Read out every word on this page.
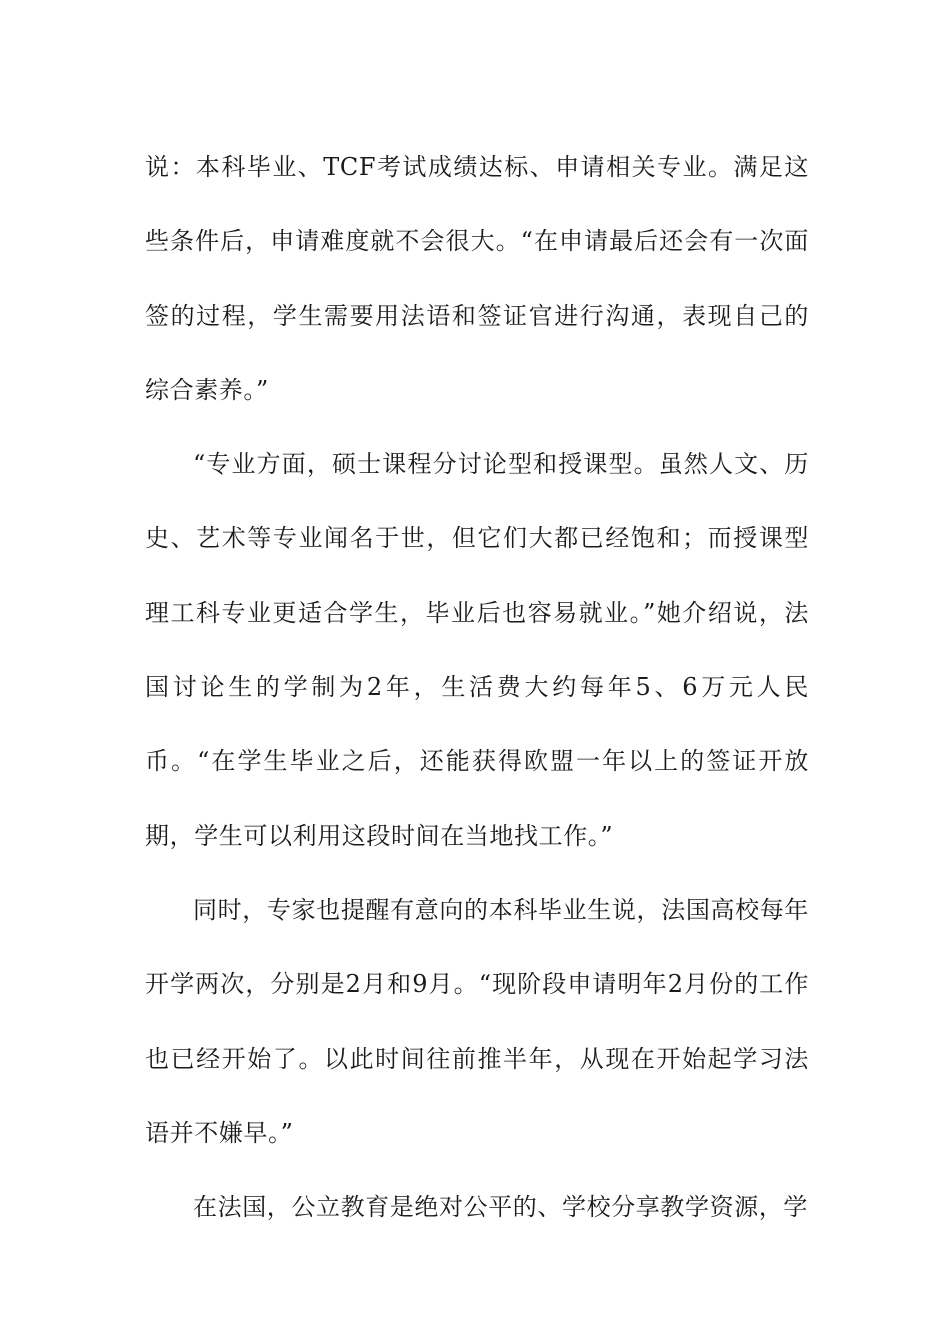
说：本科毕业、TCF考试成绩达标、申请相关专业。满足这些条件后，申请难度就不会很大。“在申请最后还会有一次面签的过程，学生需要用法语和签证官进行沟通，表现自己的综合素养。”

“专业方面，硕士课程分讨论型和授课型。虽然人文、历史、艺术等专业闻名于世，但它们大都已经饱和；而授课型理工科专业更适合学生，毕业后也容易就业。”她介绍说，法国讨论生的学制为2年，生活费大约每年5、6万元人民币。“在学生毕业之后，还能获得欧盟一年以上的签证开放期，学生可以利用这段时间在当地找工作。”

同时，专家也提醒有意向的本科毕业生说，法国高校每年开学两次，分别是2月和9月。“现阶段申请明年2月份的工作也已经开始了。以此时间往前推半年，从现在开始起学习法语并不嫌早。”

在法国，公立教育是绝对公平的、学校分享教学资源，学
